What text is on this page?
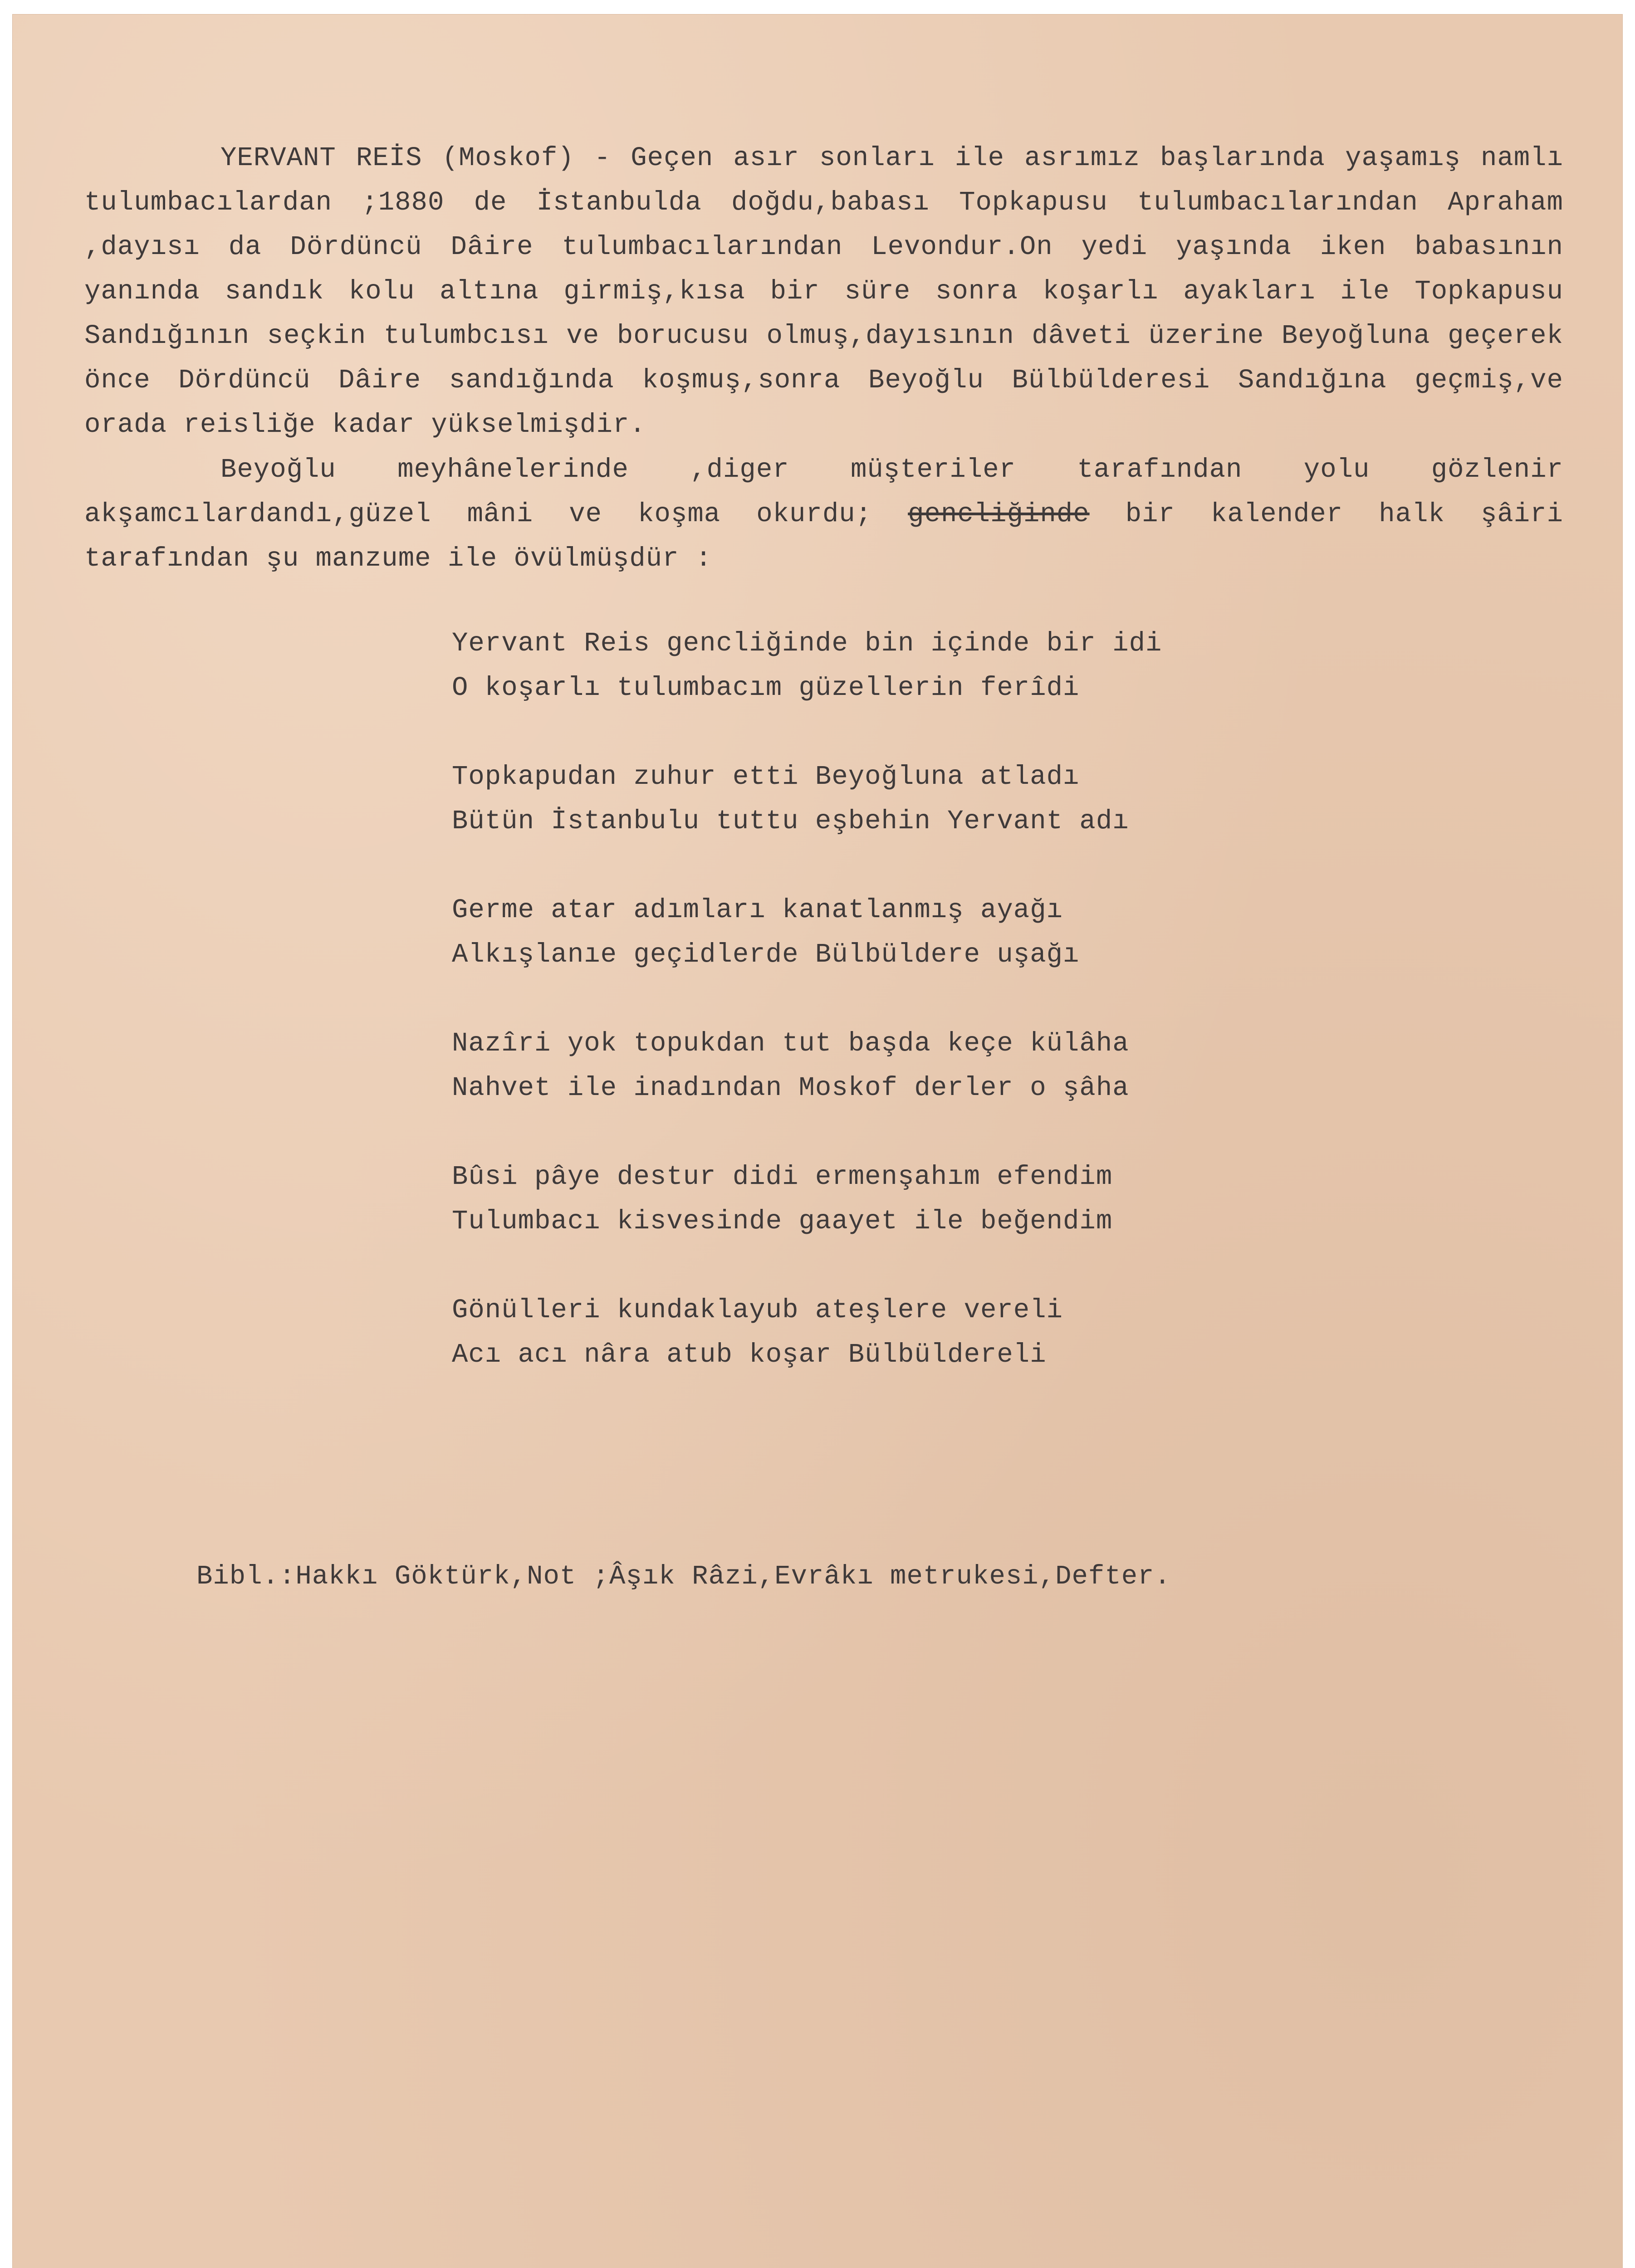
YERVANT REİS (Moskof) - Geçen asır sonları ile asrımız başlarında yaşamış namlı tulumbacılardan ;1880 de İstanbulda doğdu,babası Topkapusu tulumbacılarından Apraham ,dayısı da Dördüncü Dâire tulumbacılarından Levondur.On yedi yaşında iken babasının yanında sandık kolu altına girmiş,kısa bir süre sonra koşarlı ayakları ile Topkapusu Sandığının seçkin tulumbcısı ve borucusu olmuş,dayısının dâveti üzerine Beyoğluna geçerek önce Dördüncü Dâire sandığında koşmuş,sonra Beyoğlu Bülbülderesi Sandığına geçmiş,ve orada reisliğe kadar yükselmişdir.

Beyoğlu meyhânelerinde ,diger müşteriler tarafından yolu gözlenir akşamcılardandı,güzel mâni ve koşma okurdu; gencliğinde bir kalender halk şâiri tarafından şu manzume ile övülmüşdür :

Yervant Reis gencliğinde bin içinde bir idi
O koşarlı tulumbacım güzellerin ferîdi
Topkapudan zuhur etti Beyoğluna atladı
Bütün İstanbulu tuttu eşbehin Yervant adı
Germe atar adımları kanatlanmış ayağı
Alkışlanıe geçidlerde Bülbüldere uşağı
Nazîri yok topukdan tut başda keçe külâha
Nahvet ile inadından Moskof derler o şâha
Bûsi pâye destur didi ermenşahım efendim
Tulumbacı kisvesinde gaayet ile beğendim
Gönülleri kundaklayub ateşlere vereli
Acı acı nâra atub koşar Bülbüldereli
Bibl.:Hakkı Göktürk,Not ;Âşık Râzi,Evrâkı metrukesi,Defter.
